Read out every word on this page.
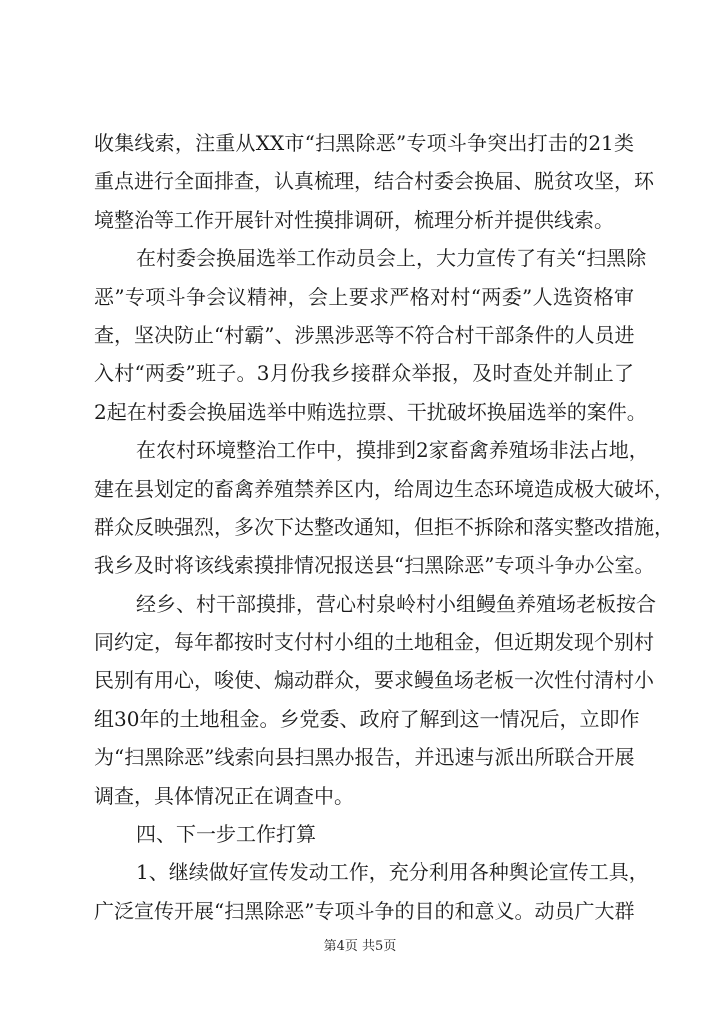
收集线索，注重从XX市“扫黑除恶”专项斗争突出打击的21类
重点进行全面排查，认真梳理，结合村委会换届、脱贫攻坚，环
境整治等工作开展针对性摸排调研，梳理分析并提供线索。
在村委会换届选举工作动员会上，大力宣传了有关“扫黑除
恶”专项斗争会议精神，会上要求严格对村“两委”人选资格审
查，坚决防止“村霸”、涉黑涉恶等不符合村干部条件的人员进
入村“两委”班子。3月份我乡接群众举报，及时查处并制止了
2起在村委会换届选举中贿选拉票、干扰破坏换届选举的案件。
在农村环境整治工作中，摸排到2家畜禽养殖场非法占地，
建在县划定的畜禽养殖禁养区内，给周边生态环境造成极大破坏，
群众反映强烈，多次下达整改通知，但拒不拆除和落实整改措施，
我乡及时将该线索摸排情况报送县“扫黑除恶”专项斗争办公室。
经乡、村干部摸排，营心村泉岭村小组鳗鱼养殖场老板按合
同约定，每年都按时支付村小组的土地租金，但近期发现个别村
民别有用心，唆使、煽动群众，要求鳗鱼场老板一次性付清村小
组30年的土地租金。乡党委、政府了解到这一情况后，立即作
为“扫黑除恶”线索向县扫黑办报告，并迅速与派出所联合开展
调查，具体情况正在调查中。
四、下一步工作打算
1、继续做好宣传发动工作，充分利用各种舆论宣传工具，
广泛宣传开展“扫黑除恶”专项斗争的目的和意义。动员广大群
第4页 共5页
